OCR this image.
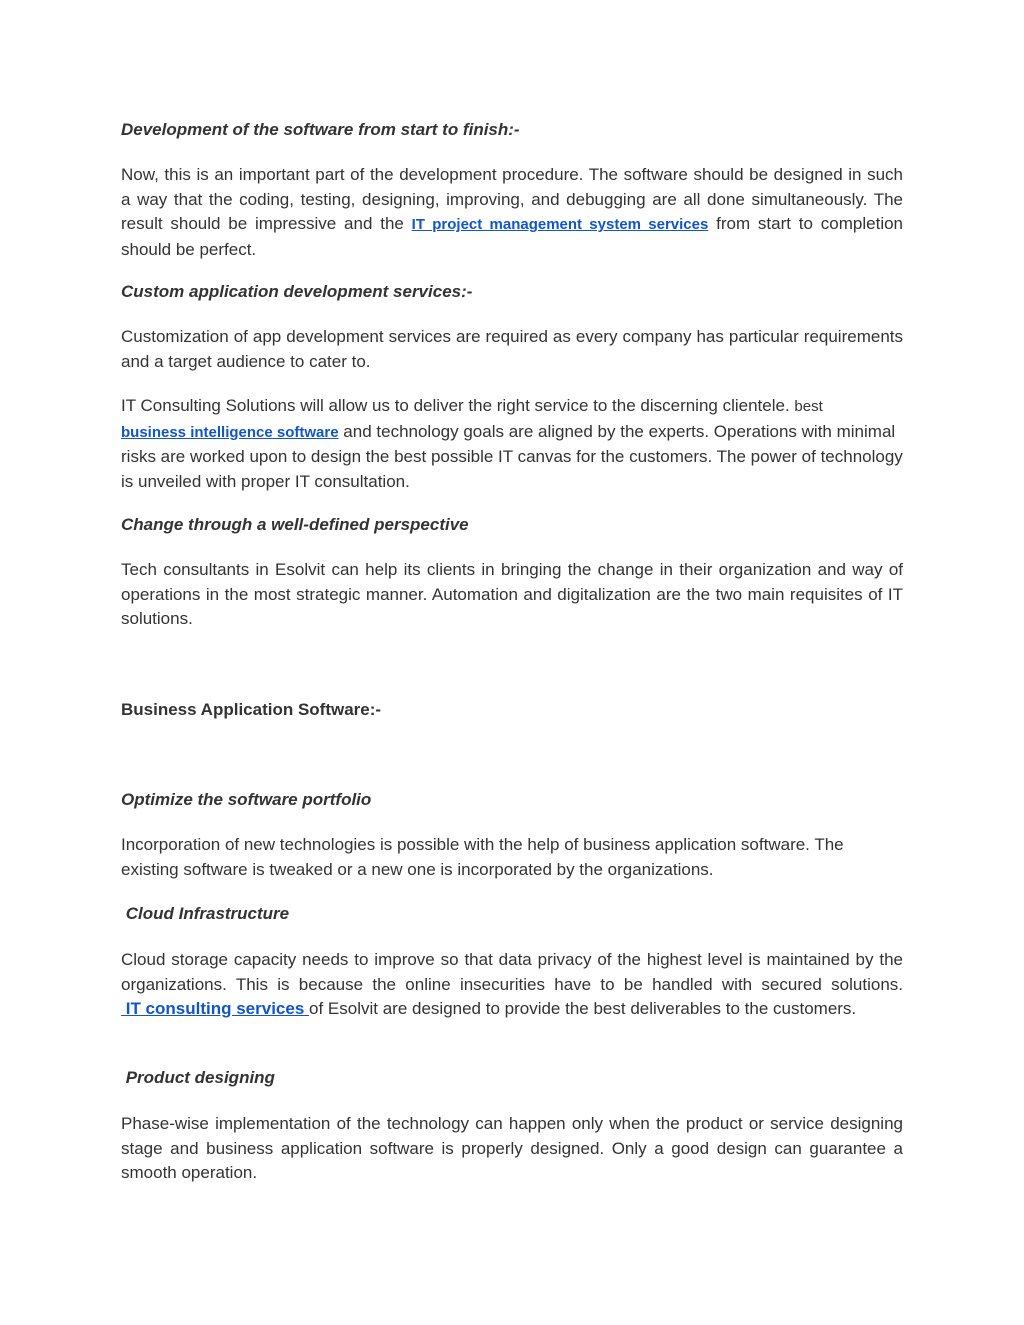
Development of the software from start to finish:-

Now, this is an important part of the development procedure. The software should be designed in such a way that the coding, testing, designing, improving, and debugging are all done simultaneously. The result should be impressive and the IT project management system services from start to completion should be perfect.

Custom application development services:-

Customization of app development services are required as every company has particular requirements and a target audience to cater to.

IT Consulting Solutions will allow us to deliver the right service to the discerning clientele. best
business intelligence software and technology goals are aligned by the experts. Operations with minimal risks are worked upon to design the best possible IT canvas for the customers. The power of technology is unveiled with proper IT consultation.

Change through a well-defined perspective

Tech consultants in Esolvit can help its clients in bringing the change in their organization and way of operations in the most strategic manner. Automation and digitalization are the two main requisites of IT solutions.

Business Application Software:-

Optimize the software portfolio

Incorporation of new technologies is possible with the help of business application software. The existing software is tweaked or a new one is incorporated by the organizations.

Cloud Infrastructure

Cloud storage capacity needs to improve so that data privacy of the highest level is maintained by the organizations. This is because the online insecurities have to be handled with secured solutions. IT consulting services of Esolvit are designed to provide the best deliverables to the customers.

Product designing

Phase-wise implementation of the technology can happen only when the product or service designing stage and business application software is properly designed. Only a good design can guarantee a smooth operation.
